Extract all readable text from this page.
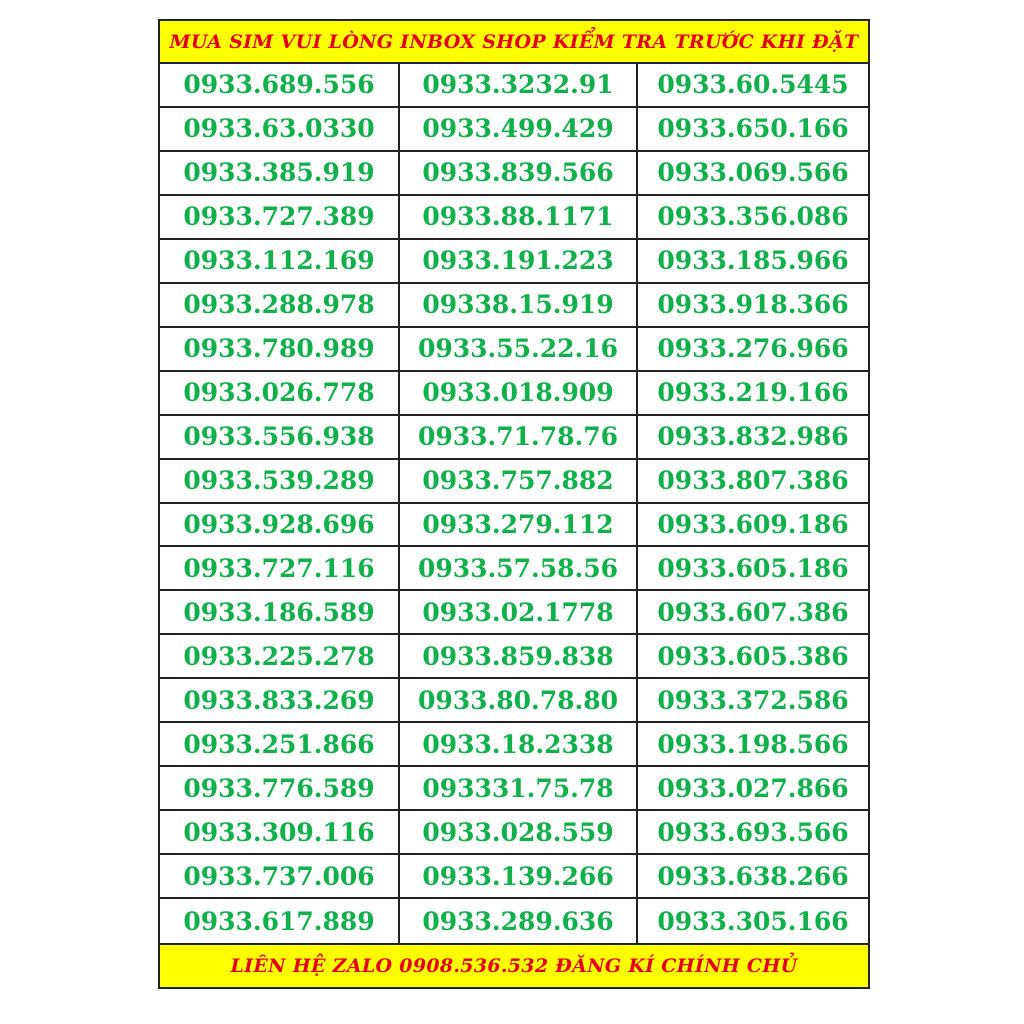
MUA SIM VUI LÒNG INBOX SHOP KIỂM TRA TRƯỚC KHI ĐẶT
0933.689.556	0933.3232.91	0933.60.5445
0933.63.0330	0933.499.429	0933.650.166
0933.385.919	0933.839.566	0933.069.566
0933.727.389	0933.88.1171	0933.356.086
0933.112.169	0933.191.223	0933.185.966
0933.288.978	09338.15.919	0933.918.366
0933.780.989	0933.55.22.16	0933.276.966
0933.026.778	0933.018.909	0933.219.166
0933.556.938	0933.71.78.76	0933.832.986
0933.539.289	0933.757.882	0933.807.386
0933.928.696	0933.279.112	0933.609.186
0933.727.116	0933.57.58.56	0933.605.186
0933.186.589	0933.02.1778	0933.607.386
0933.225.278	0933.859.838	0933.605.386
0933.833.269	0933.80.78.80	0933.372.586
0933.251.866	0933.18.2338	0933.198.566
0933.776.589	093331.75.78	0933.027.866
0933.309.116	0933.028.559	0933.693.566
0933.737.006	0933.139.266	0933.638.266
0933.617.889	0933.289.636	0933.305.166
LIÊN HỆ ZALO 0908.536.532 ĐĂNG KÍ CHÍNH CHỦ
